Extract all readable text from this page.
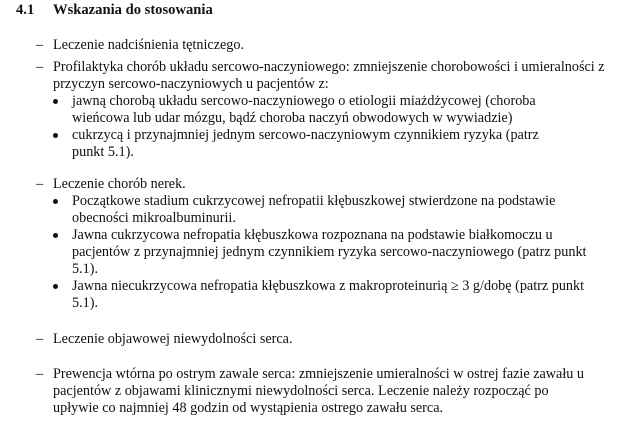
4.1 Wskazania do stosowania
– Leczenie nadciśnienia tętniczego.
– Profilaktyka chorób układu sercowo-naczyniowego: zmniejszenie chorobowości i umieralności z przyczyn sercowo-naczyniowych u pacjentów z:
jawną chorobą układu sercowo-naczyniowego o etiologii miażdżycowej (choroba wieńcowa lub udar mózgu, bądź choroba naczyń obwodowych w wywiadzie)
cukrzycą i przynajmniej jednym sercowo-naczyniowym czynnikiem ryzyka (patrz punkt 5.1).
– Leczenie chorób nerek.
Początkowe stadium cukrzycowej nefropatii kłębuszkowej stwierdzone na podstawie obecności mikroalbuminurii.
Jawna cukrzycowa nefropatia kłębuszkowa rozpoznana na podstawie białkomoczu u pacjentów z przynajmniej jednym czynnikiem ryzyka sercowo-naczyniowego (patrz punkt 5.1).
Jawna niecukrzycowa nefropatia kłębuszkowa z makroproteinurią ≥ 3 g/dobę (patrz punkt 5.1).
– Leczenie objawowej niewydolności serca.
– Prewencja wtórna po ostrym zawale serca: zmniejszenie umieralności w ostrej fazie zawału u pacjentów z objawami klinicznymi niewydolności serca. Leczenie należy rozpocząć po upływie co najmniej 48 godzin od wystąpienia ostrego zawału serca.
